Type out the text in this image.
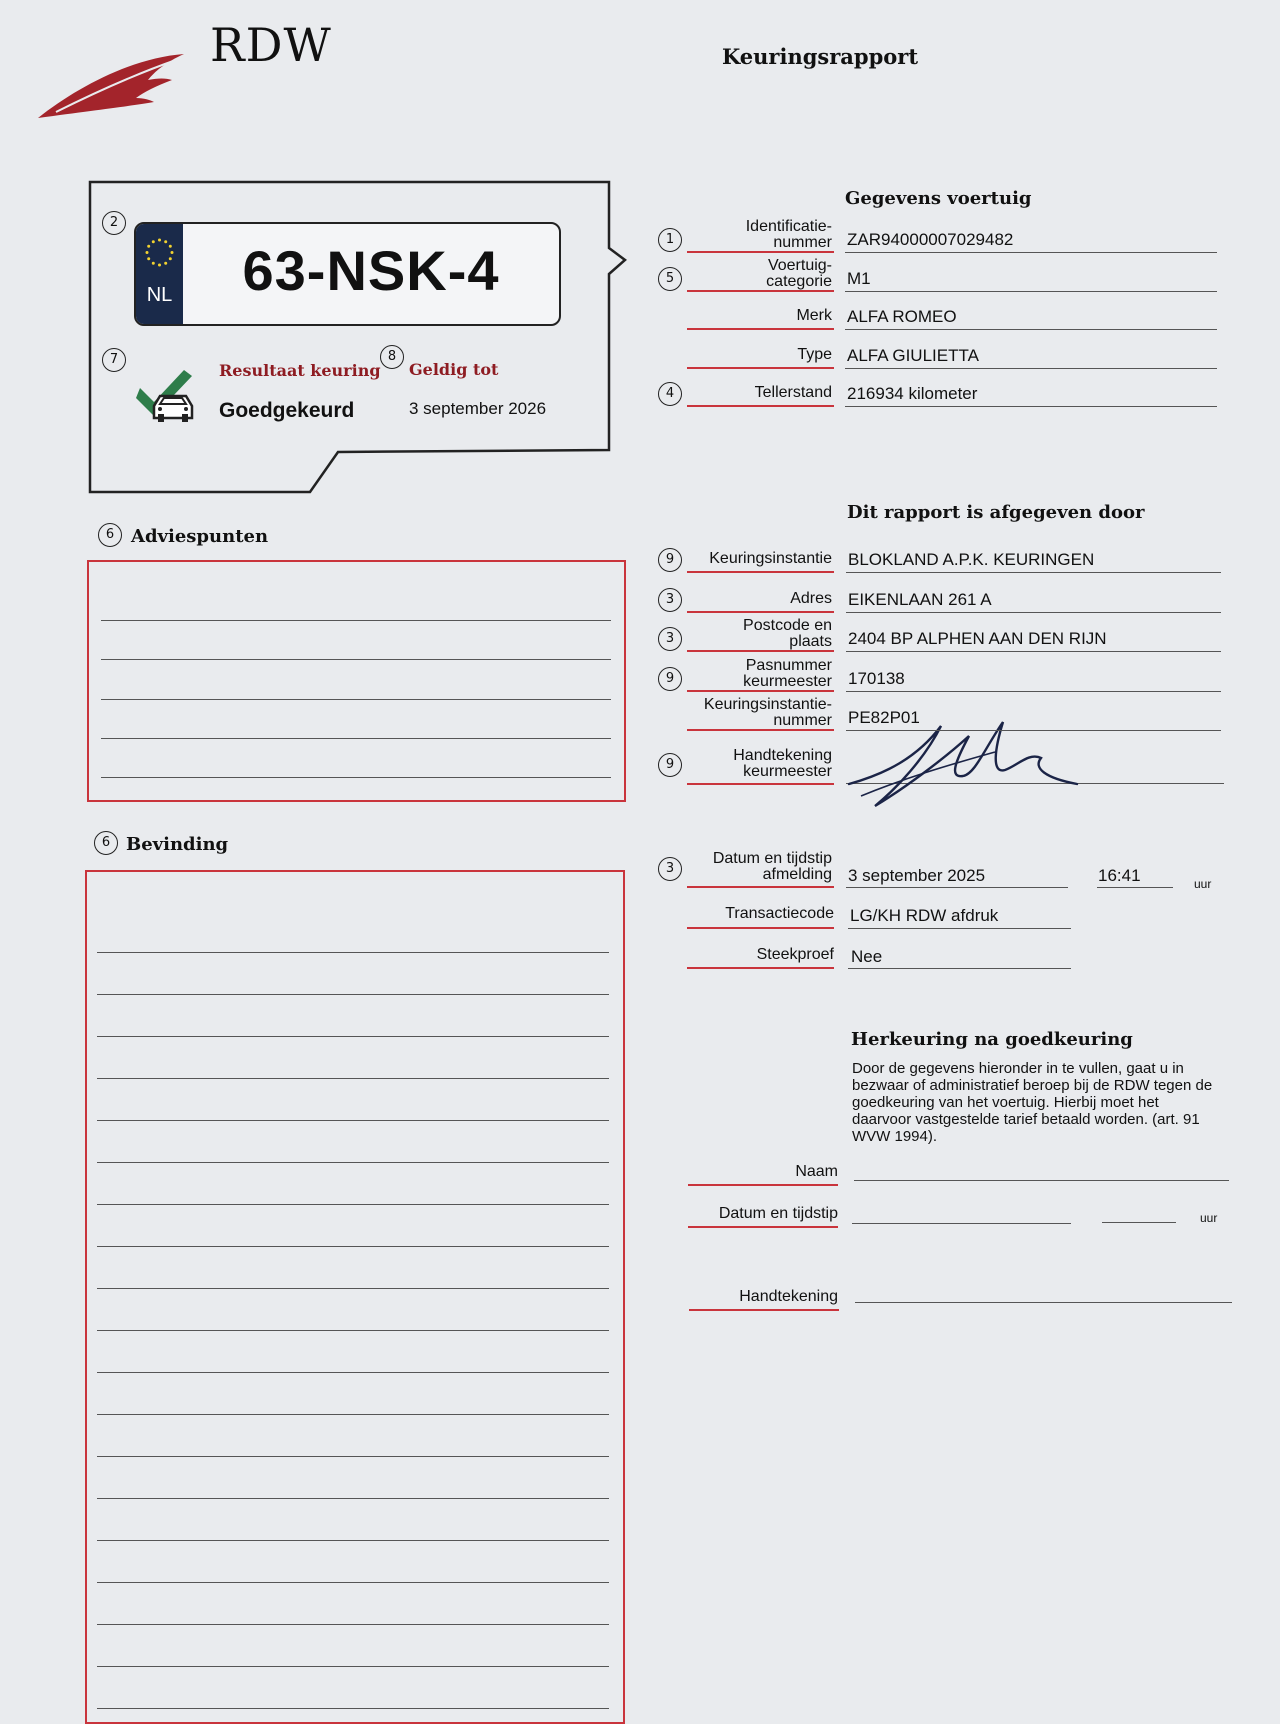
RDW	Keuringsrapport
2
NL	63-NSK-4
7
Resultaat keuring
Goedgekeurd
8
Geldig tot
3 september 2026
Gegevens voertuig
Dit rapport is afgegeven door
9
Handtekening
keurmeester
3
Datum en tijdstip
afmelding 3 september 2025	16:41	uur
Transactiecode LG/KH RDW afdruk
Steekproef Nee
Herkeuring na goedkeuring
Door de gegevens hieronder in te vullen, gaat u in bezwaar of administratief beroep bij de RDW tegen de goedkeuring van het voertuig. Hierbij moet het daarvoor vastgestelde tarief betaald worden. (art. 91 WVW 1994).
Naam
Datum en tijdstip	uur
Handtekening
6 Adviespunten
6 Bevinding
1
Identificatie-
nummer ZAR94000007029482
5
Voertuig-
categorie M1
Merk ALFA ROMEO
Type ALFA GIULIETTA
4	Tellerstand 216934 kilometer
9	Keuringsinstantie BLOKLAND A.P.K. KEURINGEN
3	Adres EIKENLAAN 261 A
3
Postcode en
plaats 2404 BP ALPHEN AAN DEN RIJN
9
Pasnummer
keurmeester 170138
Keuringsinstantie-
nummer PE82P01
